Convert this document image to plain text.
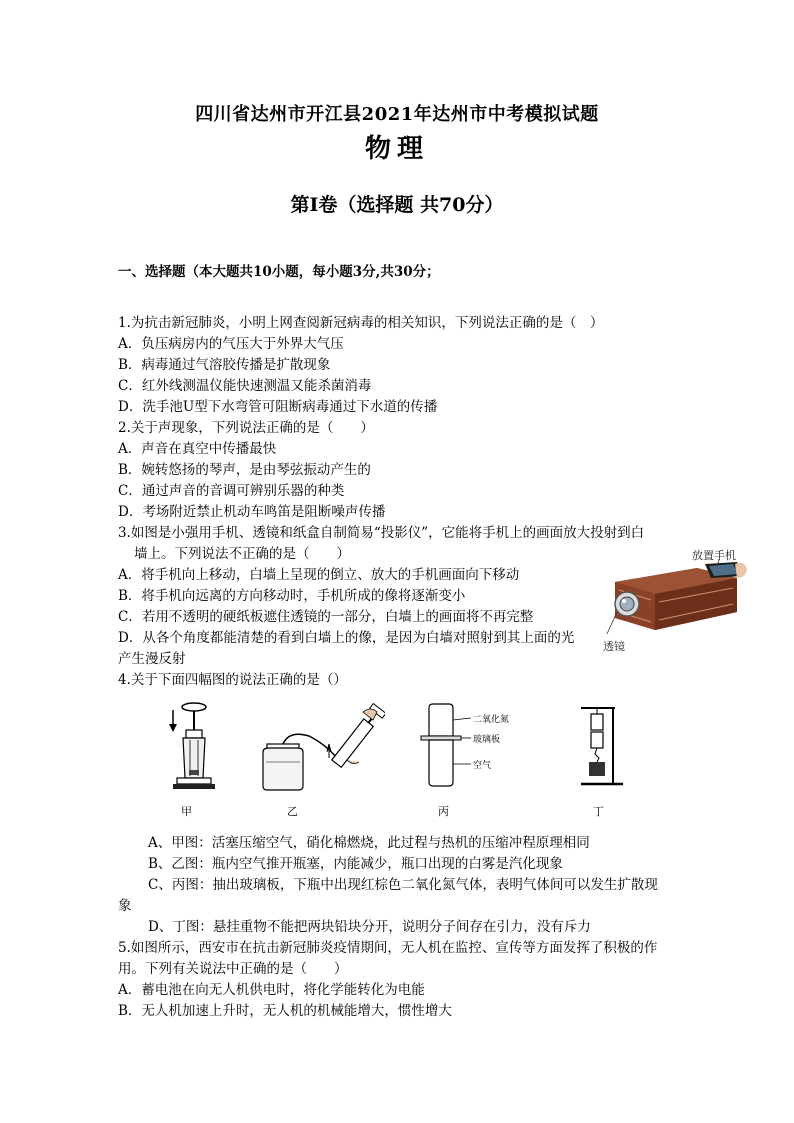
四川省达州市开江县2021年达州市中考模拟试题
物理
第Ⅰ卷（选择题 共70分）
一、选择题（本大题共10小题，每小题3分,共30分；
1.为抗击新冠肺炎，小明上网查阅新冠病毒的相关知识，下列说法正确的是（　）
A．负压病房内的气压大于外界大气压
B．病毒通过气溶胶传播是扩散现象
C．红外线测温仪能快速测温又能杀菌消毒
D．洗手池U型下水弯管可阻断病毒通过下水道的传播
2.关于声现象，下列说法正确的是（　　）
A．声音在真空中传播最快
B．婉转悠扬的琴声，是由琴弦振动产生的
C．通过声音的音调可辨别乐器的种类
D．考场附近禁止机动车鸣笛是阻断噪声传播
3.如图是小强用手机、透镜和纸盒自制简易“投影仪”，它能将手机上的画面放大投射到白
墙上。下列说法不正确的是（　　）
A．将手机向上移动，白墙上呈现的倒立、放大的手机画面向下移动
B．将手机向远离的方向移动时，手机所成的像将逐渐变小
C．若用不透明的硬纸板遮住透镜的一部分，白墙上的画面将不再完整
D．从各个角度都能清楚的看到白墙上的像，是因为白墙对照射到其上面的光
产生漫反射
放置手机
透镜
4.关于下面四幅图的说法正确的是（）
甲	乙
二氧化氮
玻璃板
空气
丙	丁
A、甲图：活塞压缩空气，硝化棉燃烧，此过程与热机的压缩冲程原理相同
B、乙图：瓶内空气推开瓶塞，内能减少，瓶口出现的白雾是汽化现象
C、丙图：抽出玻璃板，下瓶中出现红棕色二氧化氮气体，表明气体间可以发生扩散现
象
D、丁图：悬挂重物不能把两块铅块分开，说明分子间存在引力，没有斥力
5.如图所示，西安市在抗击新冠肺炎疫情期间，无人机在监控、宣传等方面发挥了积极的作
用。下列有关说法中正确的是（　　）
A．蓄电池在向无人机供电时，将化学能转化为电能
B．无人机加速上升时，无人机的机械能增大，惯性增大
